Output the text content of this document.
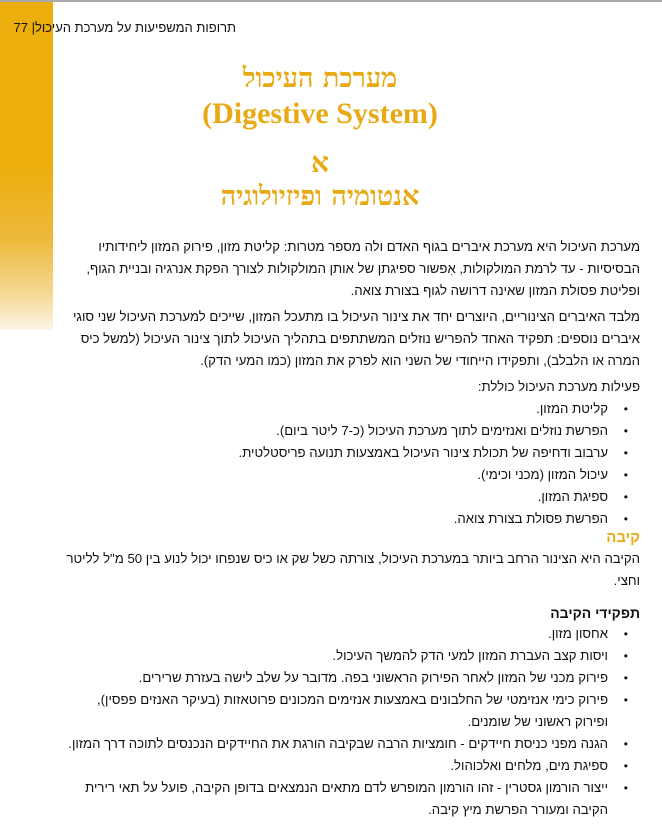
תרופות המשפיעות על מערכת העיכול| 77
מערכת העיכול
(Digestive System)
א
אנטומיה ופיזיולוגיה

מערכת העיכול היא מערכת איברים בגוף האדם ולה מספר מטרות: קליטת מזון, פירוק המזון ליחידותיו הבסיסיות - עד לרמת המולקולות, אִפשור ספיגתן של אותן המולקולות לצורך הפקת אנרגיה ובניית הגוף, ופליטת פסולת המזון שאינה דרושה לגוף בצורת צואה.

מלבד האיברים הצינוריים, היוצרים יחד את צינור העיכול בו מתעכל המזון, שייכים למערכת העיכול שני סוגי איברים נוספים: תפקיד האחד להפריש נוזלים המשתתפים בתהליך העיכול לתוך צינור העיכול (למשל כיס המרה או הלבלב), ותפקידו הייחודי של השני הוא לפרק את המזון (כמו המעי הדק).

פעילות מערכת העיכול כוללת:

• קליטת המזון.
• הפרשת נוזלים ואנזימים לתוך מערכת העיכול (כ-7 ליטר ביום).
• ערבוב ודחיפה של תכולת צינור העיכול באמצעות תנועה פריסטלטית.
• עיכול המזון (מכני וכימי).
• ספיגת המזון.
• הפרשת פסולת בצורת צואה.
קיבה

הקיבה היא הצינור הרחב ביותר במערכת העיכול, צורתה כשל שק או כיס שנפחו יכול לנוע בין 50 מ"ל לליטר וחצי.

תפקידי הקיבה
• אחסון מזון.
• ויסות קצב העברת המזון למעי הדק להמשך העיכול.
• פירוק מכני של המזון לאחר הפירוק הראשוני בפה. מדובר על שלב לישה בעזרת שרירים.
• פירוק כימי אנזימטי של החלבונים באמצעות אנזימים המכונים פרוטאזות (בעיקר האנזים פפסין), ופירוק ראשוני של שומנים.
• הגנה מפני כניסת חיידקים - חומציות הרבה שבקיבה הורגת את החיידקים הנכנסים לתוכה דרך המזון.
• ספיגת מים, מלחים ואלכוהול.
• ייצור הורמון גסטרין - זהו הורמון המופרש לדם מתאים הנמצאים בדופן הקיבה, פועל על תאי רירית הקיבה ומעורר הפרשת מיץ קיבה.
